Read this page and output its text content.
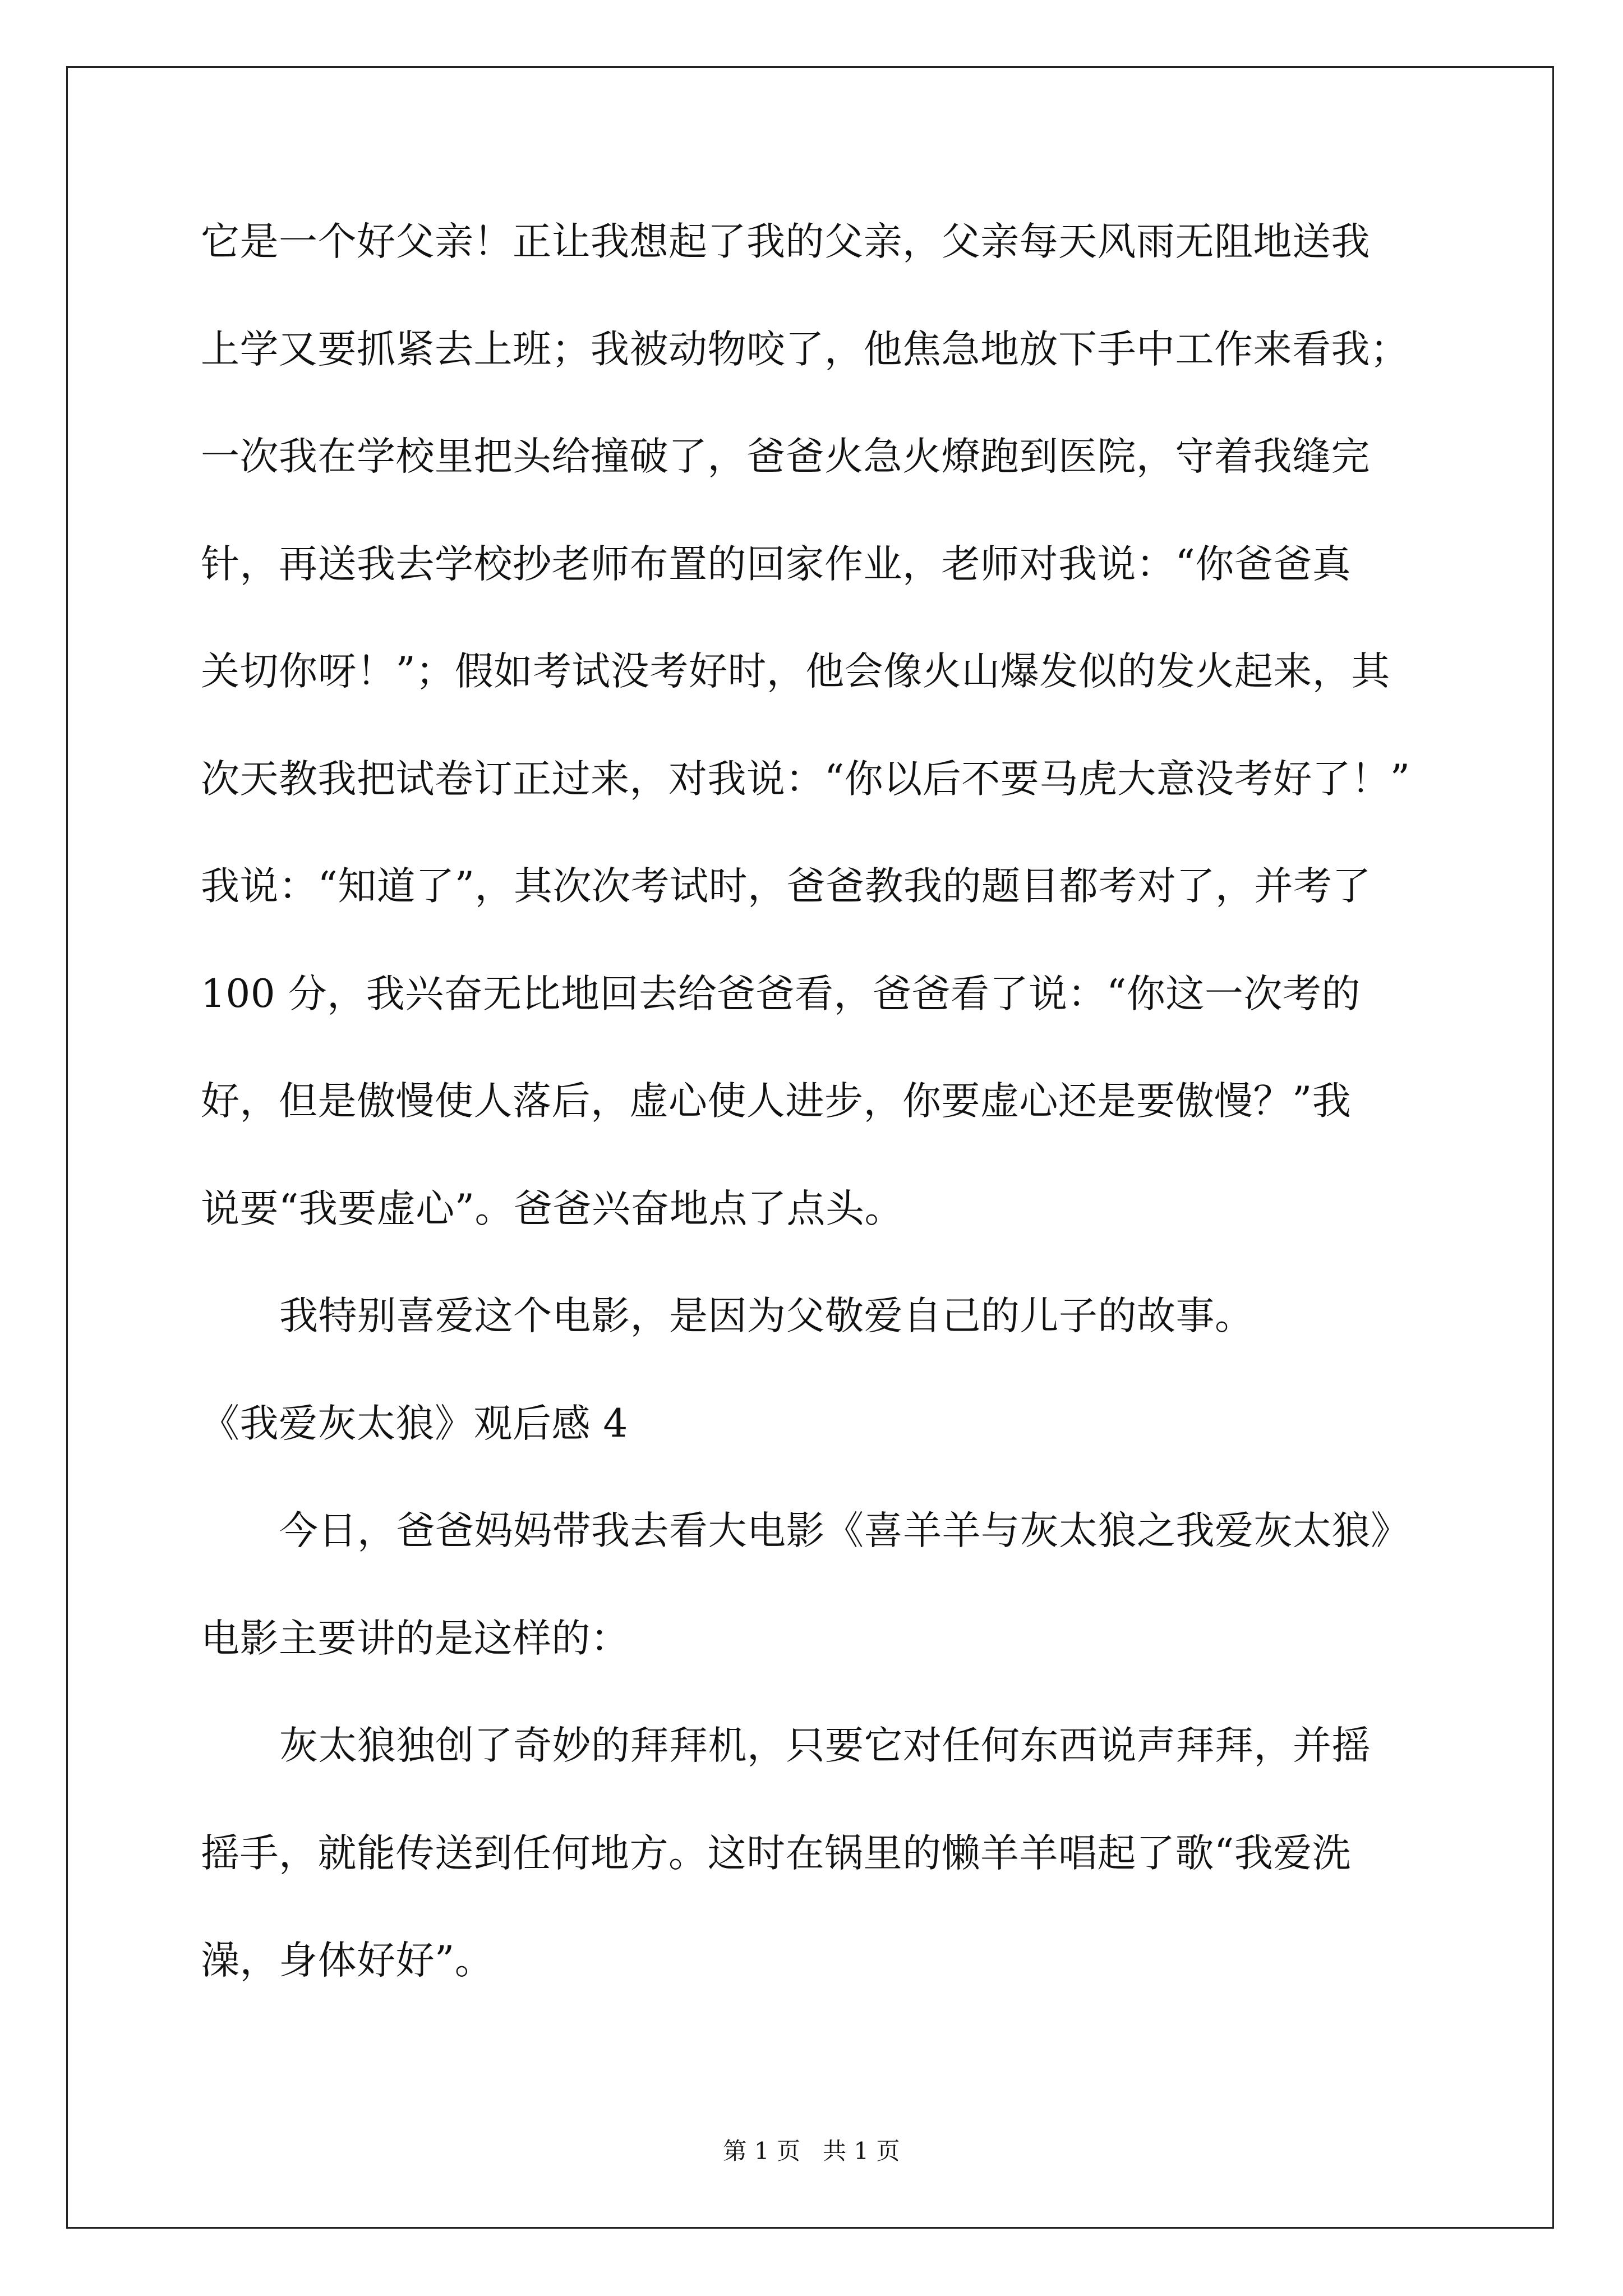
它是一个好父亲！正让我想起了我的父亲，父亲每天风雨无阻地送我
上学又要抓紧去上班；我被动物咬了，他焦急地放下手中工作来看我；
一次我在学校里把头给撞破了，爸爸火急火燎跑到医院，守着我缝完
针，再送我去学校抄老师布置的回家作业，老师对我说：“你爸爸真
关切你呀！”；假如考试没考好时，他会像火山爆发似的发火起来，其
次天教我把试卷订正过来，对我说：“你以后不要马虎大意没考好了！”
我说：“知道了”，其次次考试时，爸爸教我的题目都考对了，并考了
100 分，我兴奋无比地回去给爸爸看，爸爸看了说：“你这一次考的
好，但是傲慢使人落后，虚心使人进步，你要虚心还是要傲慢？”我
说要“我要虚心”。爸爸兴奋地点了点头。
我特别喜爱这个电影，是因为父敬爱自己的儿子的故事。
《我爱灰太狼》观后感 4
今日，爸爸妈妈带我去看大电影《喜羊羊与灰太狼之我爱灰太狼》
电影主要讲的是这样的：
灰太狼独创了奇妙的拜拜机，只要它对任何东西说声拜拜，并摇
摇手，就能传送到任何地方。这时在锅里的懒羊羊唱起了歌“我爱洗
澡，身体好好”。
第 1 页   共 1 页
